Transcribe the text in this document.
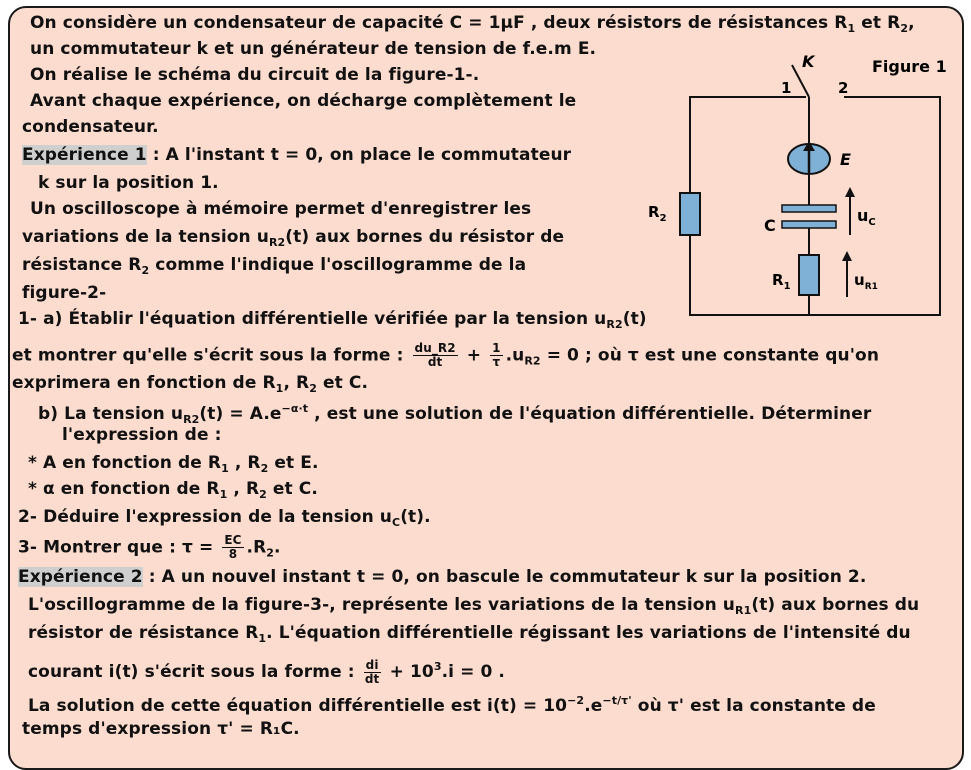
On considère un condensateur de capacité C = 1μF , deux résistors de résistances $R_1$ et $R_2$,
un commutateur k et un générateur de tension de f.e.m E.
On réalise le schéma du circuit de la figure-1-.
Avant chaque expérience, on décharge complètement le
condensateur.
Expérience 1 : A l'instant t = 0, on place le commutateur
k sur la position 1.
Un oscilloscope à mémoire permet d'enregistrer les
variations de la tension $u_{R2}(t)$ aux bornes du résistor de
résistance $R_2$ comme l'indique l'oscillogramme de la
figure-2-
1- a) Établir l'équation différentielle vérifiée par la tension $u_{R2}(t)$
et montrer qu'elle s'écrit sous la forme : $\frac{du\_R2}{dt} + \frac{1}{\tau} .u_{R2} = 0$ ; où τ est une constante qu'on
exprimera en fonction de $R_1$, $R_2$ et C.
b) La tension $u_{R2}(t) = A.e^{-\alpha\cdot t}$ , est une solution de l'équation différentielle. Déterminer
l'expression de :
* A en fonction de $R_1$ , $R_2$ et E.
* α en fonction de $R_1$ , $R_2$ et C.
2- Déduire l'expression de la tension $u_C(t)$.
3- Montrer que : $\tau = \frac{EC}{8} .R_2$.
Expérience 2 : A un nouvel instant t = 0, on bascule le commutateur k sur la position 2.
L'oscillogramme de la figure-3-, représente les variations de la tension $u_{R1}(t)$ aux bornes du
résistor de résistance $R_1$. L'équation différentielle régissant les variations de l'intensité du
courant i(t) s'écrit sous la forme : $\frac{di}{dt} + 10^3.i = 0$ .
La solution de cette équation différentielle est $i(t) = 10^{-2}.e^{-t/\tau'}$ où τ' est la constante de
temps d'expression τ' = R₁C.
Figure 1
K
1	2
E
C
$u_C$
$R_1$	$u_{R1}$
$R_2$
